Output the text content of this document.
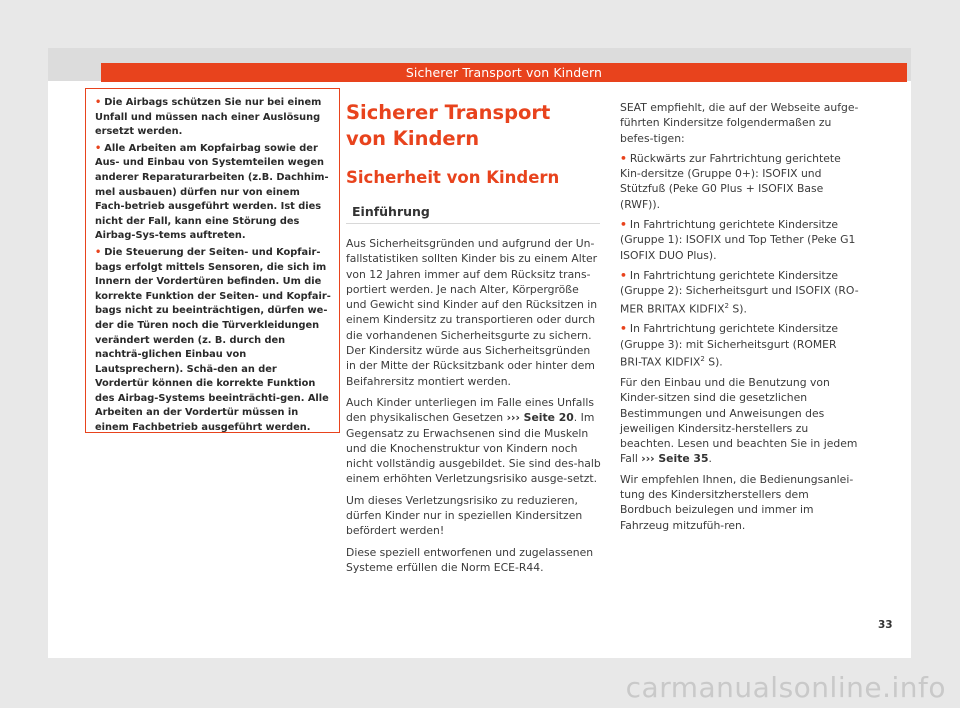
Sicherer Transport von Kindern
• Die Airbags schützen Sie nur bei einem Unfall und müssen nach einer Auslösung ersetzt werden.
• Alle Arbeiten am Kopfairbag sowie der Aus- und Einbau von Systemteilen wegen anderer Reparaturarbeiten (z.B. Dachhim-mel ausbauen) dürfen nur von einem Fach-betrieb ausgeführt werden. Ist dies nicht der Fall, kann eine Störung des Airbag-Sys-tems auftreten.
• Die Steuerung der Seiten- und Kopfair-bags erfolgt mittels Sensoren, die sich im Innern der Vordertüren befinden. Um die korrekte Funktion der Seiten- und Kopfair-bags nicht zu beeinträchtigen, dürfen we-der die Türen noch die Türverkleidungen verändert werden (z. B. durch den nachträ-glichen Einbau von Lautsprechern). Schä-den an der Vordertür können die korrekte Funktion des Airbag-Systems beeinträchti-gen. Alle Arbeiten an der Vordertür müssen in einem Fachbetrieb ausgeführt werden.
Sicherer Transport von Kindern
Sicherheit von Kindern
Einführung

Aus Sicherheitsgründen und aufgrund der Un-fallstatistiken sollten Kinder bis zu einem Alter von 12 Jahren immer auf dem Rücksitz trans-portiert werden. Je nach Alter, Körpergröße und Gewicht sind Kinder auf den Rücksitzen in einem Kindersitz zu transportieren oder durch die vorhandenen Sicherheitsgurte zu sichern. Der Kindersitz würde aus Sicherheitsgründen in der Mitte der Rücksitzbank oder hinter dem Beifahrersitz montiert werden.

Auch Kinder unterliegen im Falle eines Unfalls den physikalischen Gesetzen ››› Seite 20. Im Gegensatz zu Erwachsenen sind die Muskeln und die Knochenstruktur von Kindern noch nicht vollständig ausgebildet. Sie sind des-halb einem erhöhten Verletzungsrisiko ausge-setzt.

Um dieses Verletzungsrisiko zu reduzieren, dürfen Kinder nur in speziellen Kindersitzen befördert werden!

Diese speziell entworfenen und zugelassenen Systeme erfüllen die Norm ECE-R44.

SEAT empfiehlt, die auf der Webseite aufge-führten Kindersitze folgendermaßen zu befes-tigen:

• Rückwärts zur Fahrtrichtung gerichtete Kin-dersitze (Gruppe 0+): ISOFIX und Stützfuß (Peke G0 Plus + ISOFIX Base (RWF)).

• In Fahrtrichtung gerichtete Kindersitze (Gruppe 1): ISOFIX und Top Tether (Peke G1 ISOFIX DUO Plus).

• In Fahrtrichtung gerichtete Kindersitze (Gruppe 2): Sicherheitsgurt und ISOFIX (RO-MER BRITAX KIDFIX$^2$ S).

• In Fahrtrichtung gerichtete Kindersitze (Gruppe 3): mit Sicherheitsgurt (ROMER BRI-TAX KIDFIX$^2$ S).

Für den Einbau und die Benutzung von Kinder-sitzen sind die gesetzlichen Bestimmungen und Anweisungen des jeweiligen Kindersitz-herstellers zu beachten. Lesen und beachten Sie in jedem Fall ››› Seite 35.

Wir empfehlen Ihnen, die Bedienungsanlei-tung des Kindersitzherstellers dem Bordbuch beizulegen und immer im Fahrzeug mitzufüh-ren.

33
carmanualsonline.info
